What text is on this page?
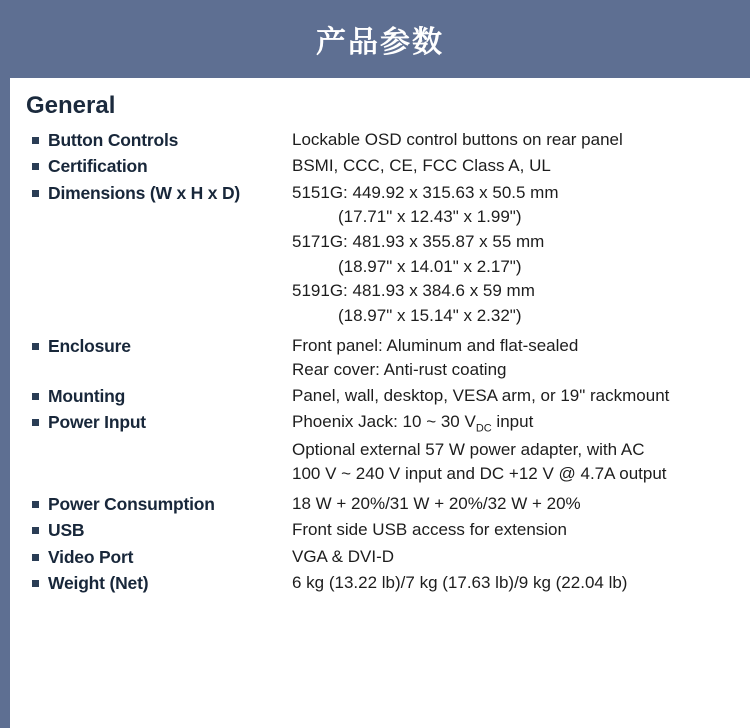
产品参数
General
Button Controls	Lockable OSD control buttons on rear panel
Certification	BSMI, CCC, CE, FCC Class A, UL
Dimensions (W x H x D)	5151G: 449.92 x 315.63 x 50.5 mm
(17.71" x 12.43" x 1.99")
5171G: 481.93 x 355.87 x 55 mm
(18.97" x 14.01" x 2.17")
5191G: 481.93 x 384.6 x 59 mm
(18.97" x 15.14" x 2.32")
Enclosure	Front panel: Aluminum and flat-sealed
Rear cover: Anti-rust coating
Mounting	Panel, wall, desktop, VESA arm, or 19" rackmount
Power Input	Phoenix Jack: 10 ~ 30 $V_{DC}$ input
Optional external 57 W power adapter, with AC
100 V ~ 240 V input and DC +12 V @ 4.7A output
Power Consumption	18 W + 20%/31 W + 20%/32 W + 20%
USB	Front side USB access for extension
Video Port	VGA & DVI-D
Weight (Net)	6 kg (13.22 lb)/7 kg (17.63 lb)/9 kg (22.04 lb)
